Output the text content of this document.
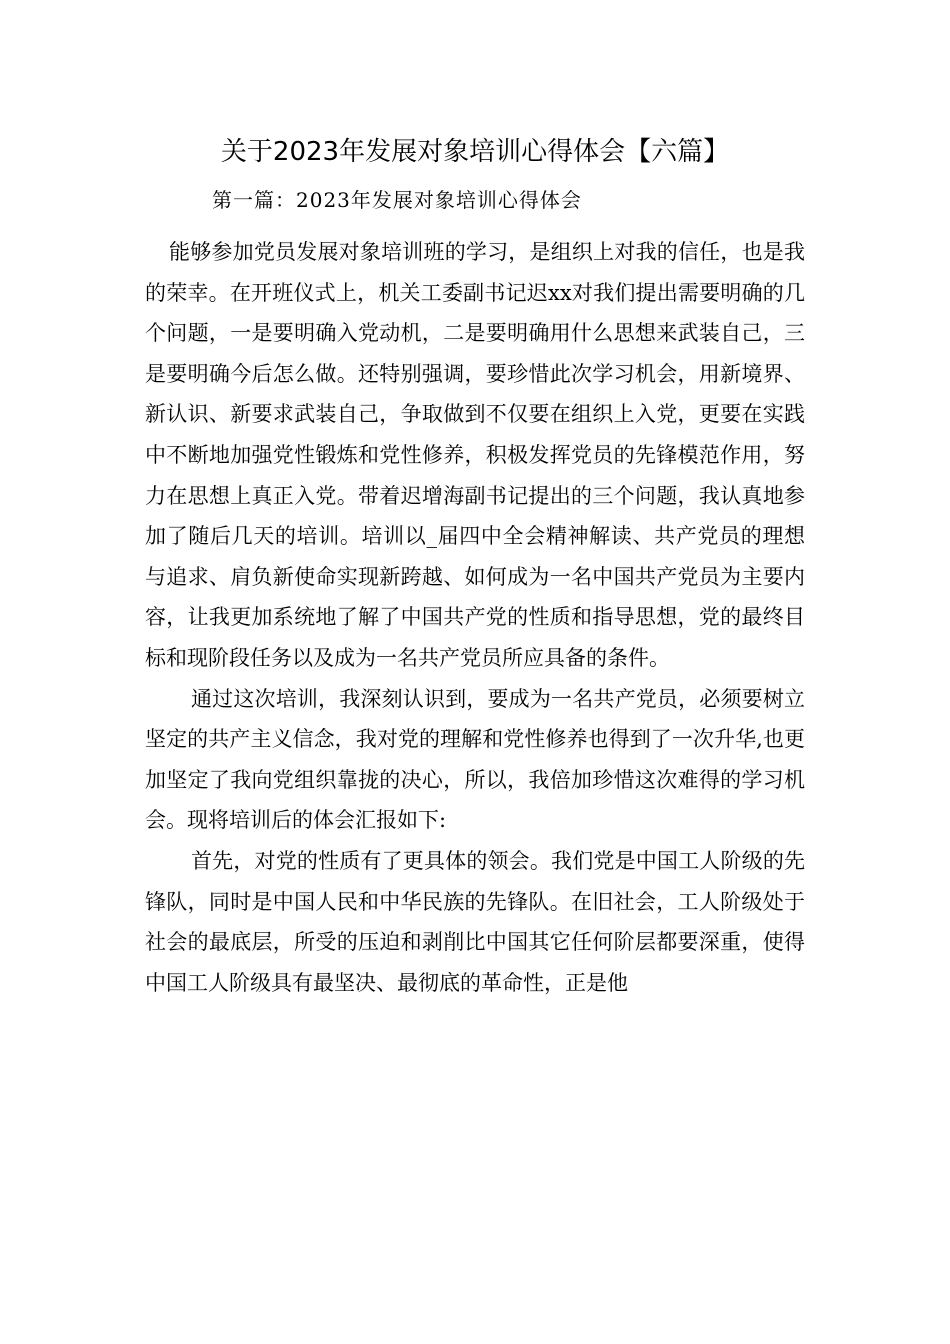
关于2023年发展对象培训心得体会【六篇】
第一篇：2023年发展对象培训心得体会

能够参加党员发展对象培训班的学习，是组织上对我的信任，也是我的荣幸。在开班仪式上，机关工委副书记迟xx对我们提出需要明确的几个问题，一是要明确入党动机，二是要明确用什么思想来武装自己，三是要明确今后怎么做。还特别强调，要珍惜此次学习机会，用新境界、新认识、新要求武装自己，争取做到不仅要在组织上入党，更要在实践中不断地加强党性锻炼和党性修养，积极发挥党员的先锋模范作用，努力在思想上真正入党。带着迟增海副书记提出的三个问题，我认真地参加了随后几天的培训。培训以_届四中全会精神解读、共产党员的理想与追求、肩负新使命实现新跨越、如何成为一名中国共产党员为主要内容，让我更加系统地了解了中国共产党的性质和指导思想，党的最终目标和现阶段任务以及成为一名共产党员所应具备的条件。

通过这次培训，我深刻认识到，要成为一名共产党员，必须要树立坚定的共产主义信念，我对党的理解和党性修养也得到了一次升华,也更加坚定了我向党组织靠拢的决心，所以，我倍加珍惜这次难得的学习机会。现将培训后的体会汇报如下:

首先，对党的性质有了更具体的领会。我们党是中国工人阶级的先锋队，同时是中国人民和中华民族的先锋队。在旧社会，工人阶级处于社会的最底层，所受的压迫和剥削比中国其它任何阶层都要深重，使得中国工人阶级具有最坚决、最彻底的革命性，正是他
